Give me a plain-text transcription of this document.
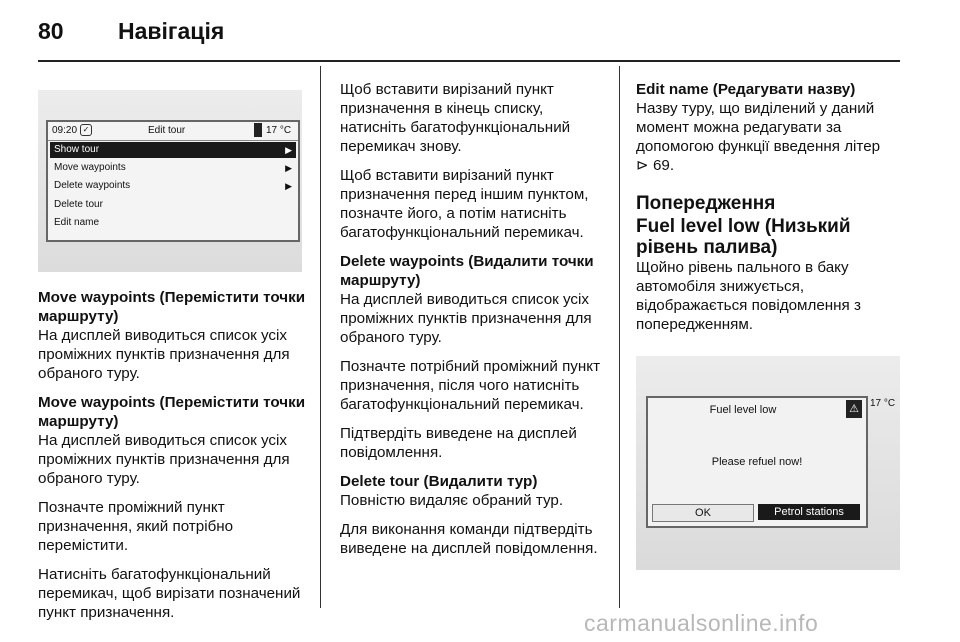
80 Навігація
09:20 ✓	Edit tour	17 °C
Show tour	▶
Move waypoints	▶
Delete waypoints	▶
Delete tour
Edit name
Move waypoints (Перемістити точки маршруту)

На дисплей виводиться список усіх проміжних пунктів призначення для обраного туру.

Move waypoints (Перемістити точки маршруту)

На дисплей виводиться список усіх проміжних пунктів призначення для обраного туру.

Позначте проміжний пункт призначення, який потрібно перемістити.

Натисніть багатофункціональний перемикач, щоб вирізати позначений пункт призначення.

Щоб вставити вирізаний пункт призначення в кінець списку, натисніть багатофункціональний перемикач знову.

Щоб вставити вирізаний пункт призначення перед іншим пунктом, позначте його, а потім натисніть багатофункціональний перемикач.

Delete waypoints (Видалити точки маршруту)

На дисплей виводиться список усіх проміжних пунктів призначення для обраного туру.

Позначте потрібний проміжний пункт призначення, після чого натисніть багатофункціональний перемикач.

Підтвердіть виведене на дисплей повідомлення.

Delete tour (Видалити тур)

Повністю видаляє обраний тур.

Для виконання команди підтвердіть виведене на дисплей повідомлення.

Edit name (Редагувати назву)

Назву туру, що виділений у даний момент можна редагувати за допомогою функції введення літер
⊳ 69.

Попередження
Fuel level low (Низький рівень палива)

Щойно рівень пального в баку автомобіля знижується, відображається повідомлення з попередженням.

Fuel level low	⚠
Please refuel now!
OK	Petrol stations
17 °C
carmanualsonline.info
